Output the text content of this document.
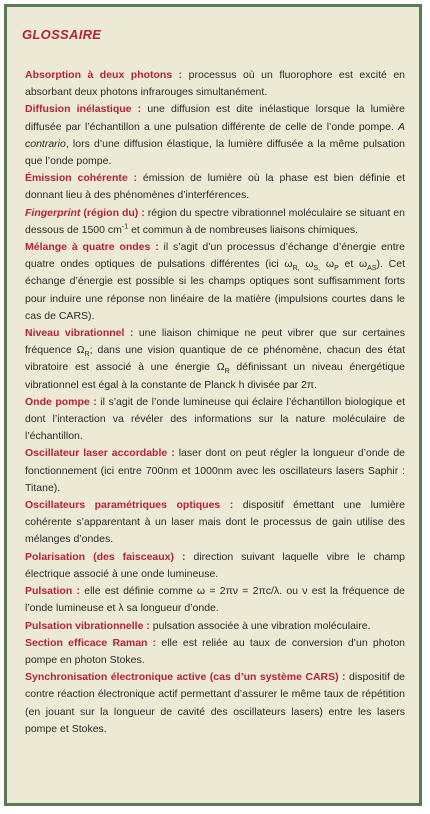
GLOSSAIRE

Absorption à deux photons : processus où un fluorophore est excité en absorbant deux photons infrarouges simultanément.

Diffusion inélastique : une diffusion est dite inélastique lorsque la lumière diffusée par l’échantillon a une pulsation différente de celle de l’onde pompe. A contrario, lors d’une diffusion élastique, la lumière diffusée a la même pulsation que l’onde pompe.

Émission cohérente : émission de lumière où la phase est bien définie et donnant lieu à des phénomènes d’interférences.

Fingerprint (région du) : région du spectre vibrationnel moléculaire se situant en dessous de 1500 $cm^{-1}$ et commun à de nombreuses liaisons chimiques.

Mélange à quatre ondes : il s’agit d’un processus d’échange d’énergie entre quatre ondes optiques de pulsations différentes (ici $\omega_{R,}$ $\omega_{S,}$ $\omega_P$ et $\omega_{AS}$). Cet échange d’énergie est possible si les champs optiques sont suffisamment forts pour induire une réponse non linéaire de la matière (impulsions courtes dans le cas de CARS).

Niveau vibrationnel : une liaison chimique ne peut vibrer que sur certaines fréquence $\Omega_R$; dans une vision quantique de ce phénomène, chacun des état vibratoire est associé à une énergie $\Omega_R$ définissant un niveau énergétique vibrationnel est égal à la constante de Planck h divisée par 2π.

Onde pompe : il s’agit de l’onde lumineuse qui éclaire l’échantillon biologique et dont l’interaction va révéler des informations sur la nature moléculaire de l’échantillon.

Oscillateur laser accordable : laser dont on peut régler la longueur d’onde de fonctionnement (ici entre 700nm et 1000nm avec les oscillateurs lasers Saphir : Titane).

Oscillateurs paramétriques optiques : dispositif émettant une lumière cohérente s’apparentant à un laser mais dont le processus de gain utilise des mélanges d’ondes.

Polarisation (des faisceaux) : direction suivant laquelle vibre le champ électrique associé à une onde lumineuse.

Pulsation : elle est définie comme ω = 2πν = 2πc/λ. ou ν est la fréquence de l’onde lumineuse et λ sa longueur d’onde.

Pulsation vibrationnelle : pulsation associée à une vibration moléculaire.

Section efficace Raman : elle est reliée au taux de conversion d’un photon pompe en photon Stokes.

Synchronisation électronique active (cas d’un système CARS) : dispositif de contre réaction électronique actif permettant d’assurer le même taux de répétition (en jouant sur la longueur de cavité des oscillateurs lasers) entre les lasers pompe et Stokes.
